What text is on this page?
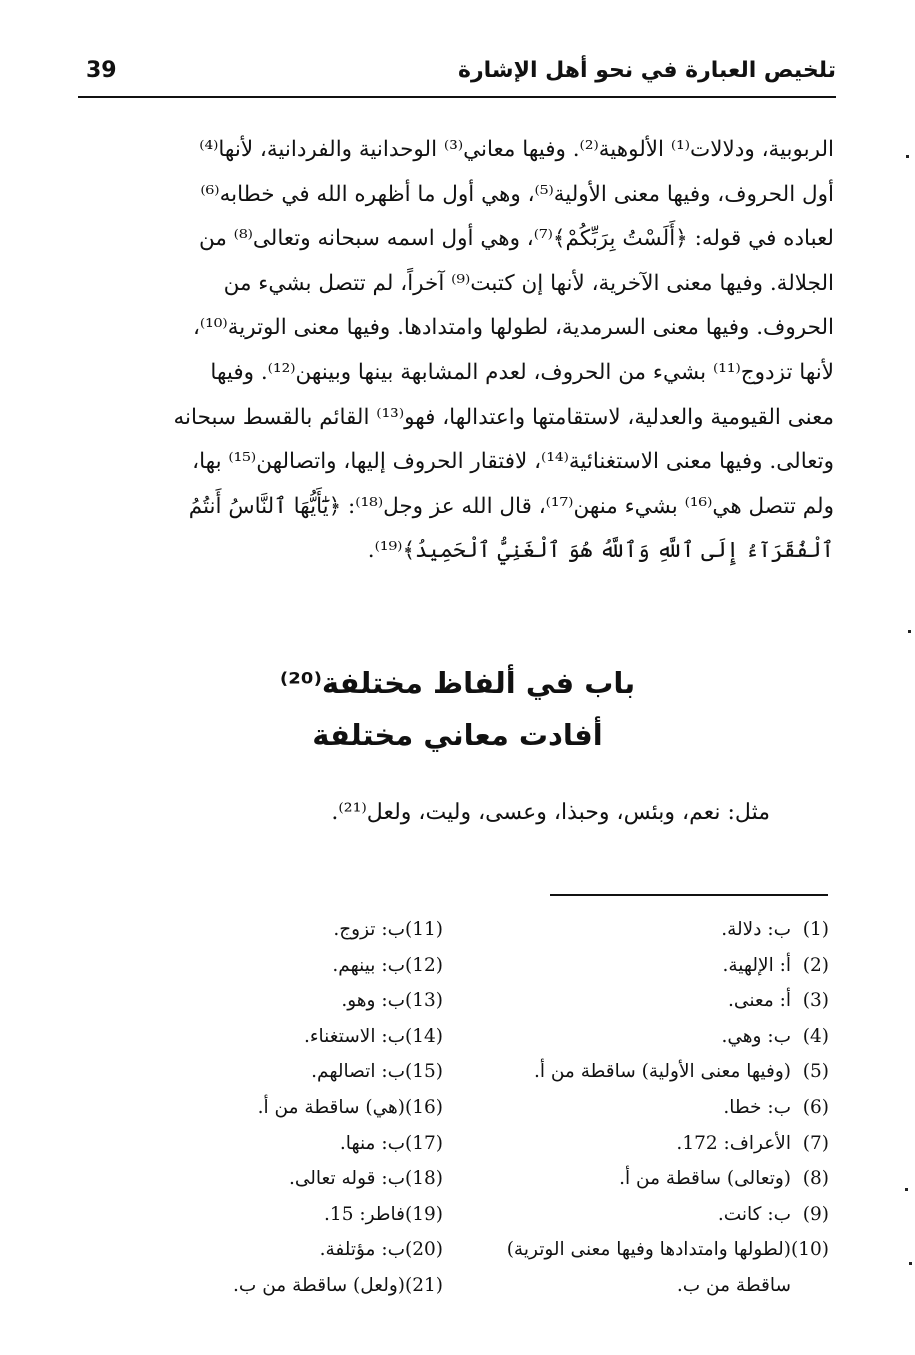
تلخيص العبارة في نحو أهل الإشارة
39

الربوبية، ودلالات⁽¹⁾ الألوهية⁽²⁾. وفيها معاني⁽³⁾ الوحدانية والفردانية، لأنها⁽⁴⁾

أول الحروف، وفيها معنى الأولية⁽⁵⁾، وهي أول ما أظهره الله في خطابه⁽⁶⁾

لعباده في قوله: ﴿أَلَسْتُ بِرَبِّكُمْ﴾⁽⁷⁾، وهي أول اسمه سبحانه وتعالى⁽⁸⁾ من

الجلالة. وفيها معنى الآخرية، لأنها إن كتبت⁽⁹⁾ آخراً، لم تتصل بشيء من

الحروف. وفيها معنى السرمدية، لطولها وامتدادها. وفيها معنى الوترية⁽¹⁰⁾،

لأنها تزدوج⁽¹¹⁾ بشيء من الحروف، لعدم المشابهة بينها وبينهن⁽¹²⁾. وفيها

معنى القيومية والعدلية، لاستقامتها واعتدالها، فهو⁽¹³⁾ القائم بالقسط سبحانه

وتعالى. وفيها معنى الاستغنائية⁽¹⁴⁾، لافتقار الحروف إليها، واتصالهن⁽¹⁵⁾ بها،

ولم تتصل هي⁽¹⁶⁾ بشيء منهن⁽¹⁷⁾، قال الله عز وجل⁽¹⁸⁾: ﴿يَٰٓأَيُّهَا ٱلنَّاسُ أَنتُمُ

ٱلْفُقَرَآءُ إِلَى ٱللَّهِ وَٱللَّهُ هُوَ ٱلْغَنِيُّ ٱلْحَمِيدُ﴾⁽¹⁹⁾.

باب في ألفاظ مختلفة⁽²⁰⁾
أفادت معاني مختلفة
مثل: نعم، وبئس، وحبذا، وعسى، وليت، ولعل⁽²¹⁾.
(1)ب: دلالة.
(2)أ: الإلهية.
(3)أ: معنى.
(4)ب: وهي.
(5)(وفيها معنى الأولية) ساقطة من أ.
(6)ب: خطا.
(7)الأعراف: 172.
(8)(وتعالى) ساقطة من أ.
(9)ب: كانت.
(10)(لطولها وامتدادها وفيها معنى الوترية)
ساقطة من ب.
(11)ب: تزوج.
(12)ب: بينهم.
(13)ب: وهو.
(14)ب: الاستغناء.
(15)ب: اتصالهم.
(16)(هي) ساقطة من أ.
(17)ب: منها.
(18)ب: قوله تعالى.
(19)فاطر: 15.
(20)ب: مؤتلفة.
(21)(ولعل) ساقطة من ب.
